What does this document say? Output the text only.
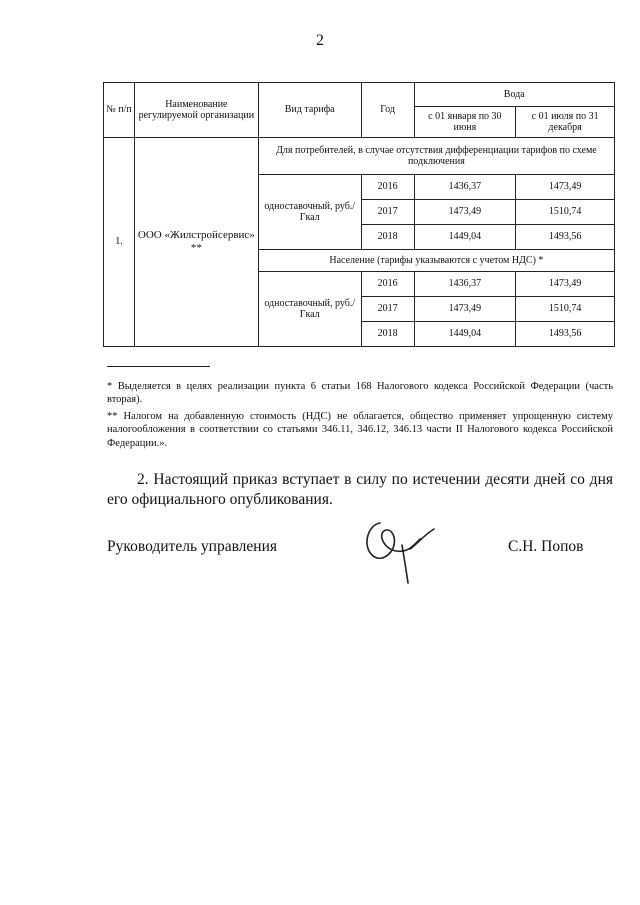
2
№ п/п	Наименование регулируемой организации	Вид тарифа	Год	Вода	
				с 01 января по 30 июня	с 01 июля по 31 декабря
1.	ООО «Жилстройсервис» **	Для потребителей, в случае отсутствия дифференциации тарифов по схеме подключения			
		одноставочный, руб./Гкал	2016	1436,37	1473,49
			2017	1473,49	1510,74
			2018	1449,04	1493,56
		Население (тарифы указываются с учетом НДС) *			
		одноставочный, руб./Гкал	2016	1436,37	1473,49
			2017	1473,49	1510,74
			2018	1449,04	1493,56

* Выделяется в целях реализации пункта 6 статьи 168 Налогового кодекса Российской Федерации (часть вторая).

** Налогом на добавленную стоимость (НДС) не облагается, общество применяет упрощенную систему налогообложения в соответствии со статьями 346.11, 346.12, 346.13 части II Налогового кодекса Российской Федерации.».

2. Настоящий приказ вступает в силу по истечении десяти дней со дня его официального опубликования.

Руководитель управления	С.Н. Попов
